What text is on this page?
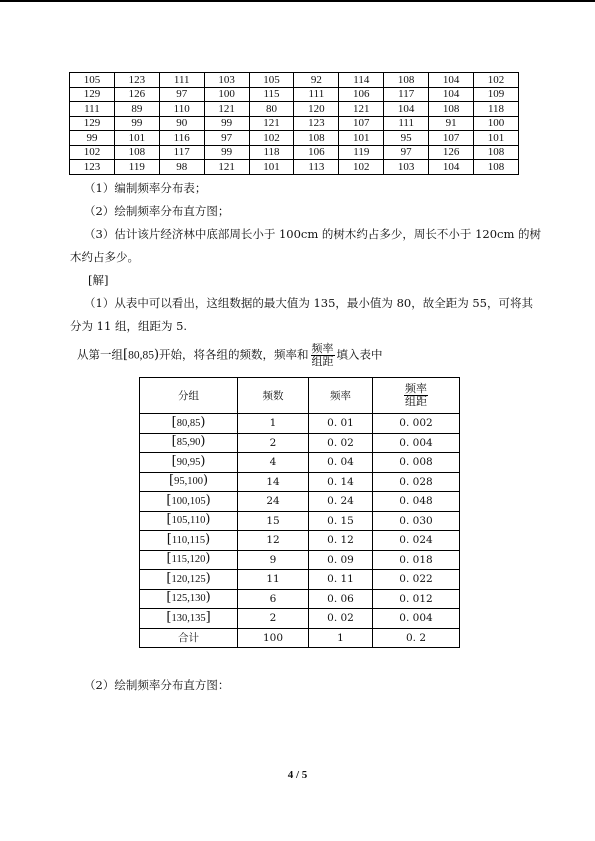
105	123	111	103	105	92	114	108	104	102
129	126	97	100	115	111	106	117	104	109
111	89	110	121	80	120	121	104	108	118
129	99	90	99	121	123	107	111	91	100
99	101	116	97	102	108	101	95	107	101
102	108	117	99	118	106	119	97	126	108
123	119	98	121	101	113	102	103	104	108
（1）编制频率分布表；
（2）绘制频率分布直方图；
（3）估计该片经济林中底部周长小于 100cm 的树木约占多少，周长不小于 120cm 的树
木约占多少。
[解]
（1）从表中可以看出，这组数据的最大值为 135，最小值为 80，故全距为 55，可将其
分为 11 组，组距为 5.
从第一组[80,85)开始，将各组的频数，频率和 $\frac{\text{频率}}{\text{组距}}$ 填入表中
分组	频数	频率	$\frac{\text{频率}}{\text{组距}}$

[80,85)	1	0. 01	0. 002
[85,90)	2	0. 02	0. 004
[90,95)	4	0. 04	0. 008
[95,100)	14	0. 14	0. 028
[100,105)	24	0. 24	0. 048
[105,110)	15	0. 15	0. 030
[110,115)	12	0. 12	0. 024
[115,120)	9	0. 09	0. 018
[120,125)	11	0. 11	0. 022
[125,130)	6	0. 06	0. 012
[130,135]	2	0. 02	0. 004
合计	100	1	0. 2
（2）绘制频率分布直方图：
4 / 5
